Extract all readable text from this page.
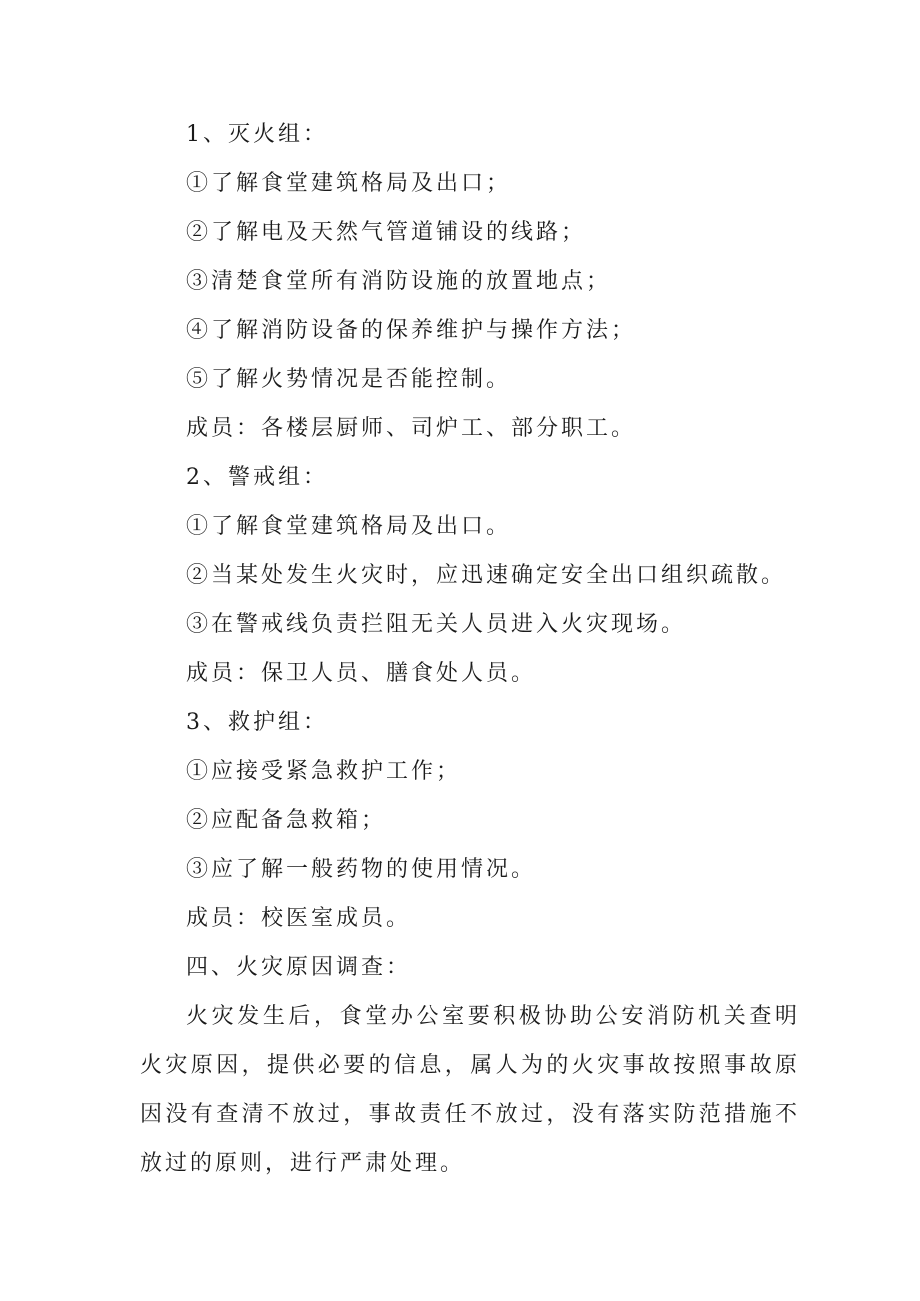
1、灭火组：

①了解食堂建筑格局及出口；

②了解电及天然气管道铺设的线路；

③清楚食堂所有消防设施的放置地点；

④了解消防设备的保养维护与操作方法；

⑤了解火势情况是否能控制。

成员：各楼层厨师、司炉工、部分职工。

2、警戒组：

①了解食堂建筑格局及出口。

②当某处发生火灾时，应迅速确定安全出口组织疏散。

③在警戒线负责拦阻无关人员进入火灾现场。

成员：保卫人员、膳食处人员。

3、救护组：

①应接受紧急救护工作；

②应配备急救箱；

③应了解一般药物的使用情况。

成员：校医室成员。

四、火灾原因调查：

火灾发生后，食堂办公室要积极协助公安消防机关查明火灾原因，提供必要的信息，属人为的火灾事故按照事故原因没有查清不放过，事故责任不放过，没有落实防范措施不放过的原则，进行严肃处理。
